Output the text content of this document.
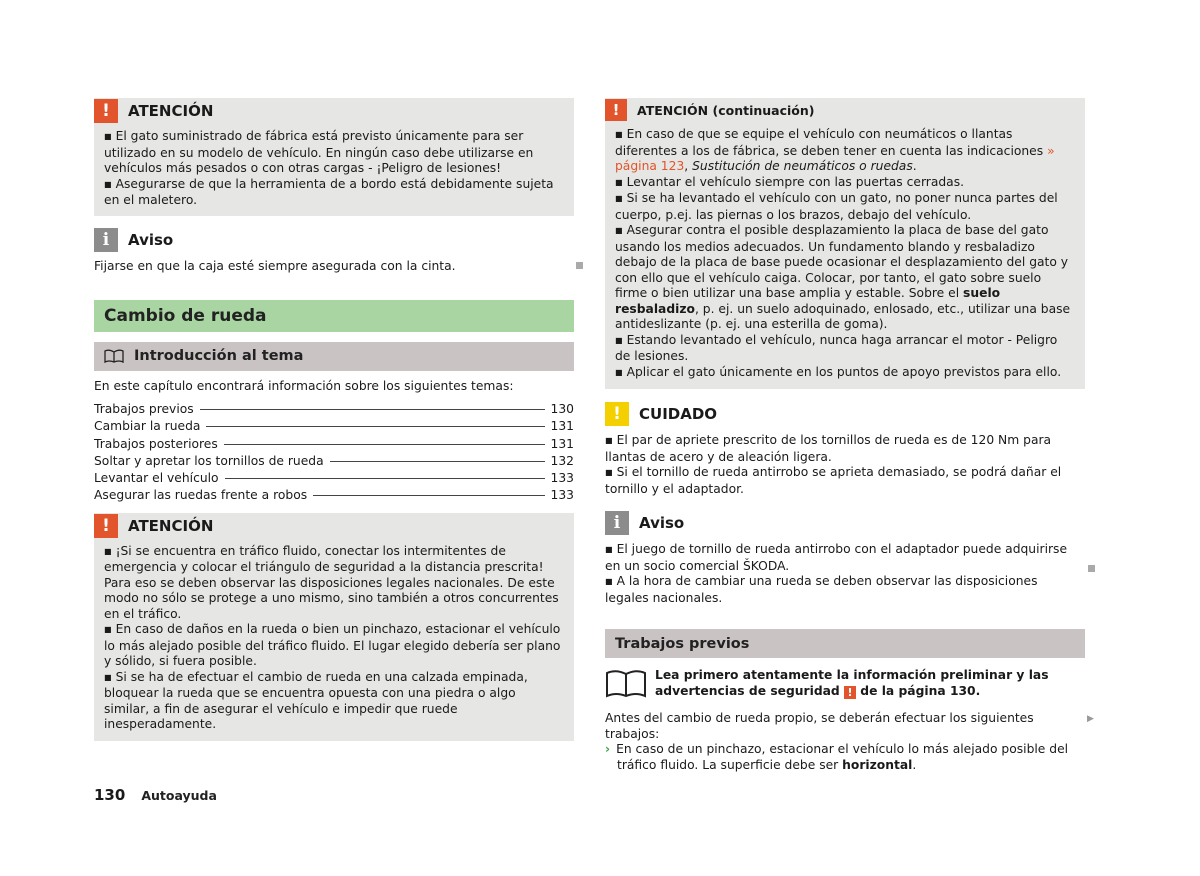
!	ATENCIÓN

■ El gato suministrado de fábrica está previsto únicamente para ser utilizado en su modelo de vehículo. En ningún caso debe utilizarse en vehículos más pesados o con otras cargas - ¡Peligro de lesiones!

■ Asegurarse de que la herramienta de a bordo está debidamente sujeta en el maletero.

i	Aviso
Fijarse en que la caja esté siempre asegurada con la cinta.
Cambio de rueda
Introducción al tema
En este capítulo encontrará información sobre los siguientes temas:
Trabajos previos	130
Cambiar la rueda	131
Trabajos posteriores	131
Soltar y apretar los tornillos de rueda	132
Levantar el vehículo	133
Asegurar las ruedas frente a robos	133
!	ATENCIÓN

■ ¡Si se encuentra en tráfico fluido, conectar los intermitentes de emergencia y colocar el triángulo de seguridad a la distancia prescrita! Para eso se deben observar las disposiciones legales nacionales. De este modo no sólo se protege a uno mismo, sino también a otros concurrentes en el tráfico.

■ En caso de daños en la rueda o bien un pinchazo, estacionar el vehículo lo más alejado posible del tráfico fluido. El lugar elegido debería ser plano y sólido, si fuera posible.

■ Si se ha de efectuar el cambio de rueda en una calzada empinada, bloquear la rueda que se encuentra opuesta con una piedra o algo similar, a fin de asegurar el vehículo e impedir que ruede inesperadamente.

!	ATENCIÓN (continuación)

■ En caso de que se equipe el vehículo con neumáticos o llantas diferentes a los de fábrica, se deben tener en cuenta las indicaciones » página 123, Sustitución de neumáticos o ruedas.

■ Levantar el vehículo siempre con las puertas cerradas.

■ Si se ha levantado el vehículo con un gato, no poner nunca partes del cuerpo, p.ej. las piernas o los brazos, debajo del vehículo.

■ Asegurar contra el posible desplazamiento la placa de base del gato usando los medios adecuados. Un fundamento blando y resbaladizo debajo de la placa de base puede ocasionar el desplazamiento del gato y con ello que el vehículo caiga. Colocar, por tanto, el gato sobre suelo firme o bien utilizar una base amplia y estable. Sobre el suelo resbaladizo, p. ej. un suelo adoquinado, enlosado, etc., utilizar una base antideslizante (p. ej. una esterilla de goma).

■ Estando levantado el vehículo, nunca haga arrancar el motor - Peligro de lesiones.

■ Aplicar el gato únicamente en los puntos de apoyo previstos para ello.

!	CUIDADO

■ El par de apriete prescrito de los tornillos de rueda es de 120 Nm para llantas de acero y de aleación ligera.

■ Si el tornillo de rueda antirrobo se aprieta demasiado, se podrá dañar el tornillo y el adaptador.

i	Aviso

■ El juego de tornillo de rueda antirrobo con el adaptador puede adquirirse en un socio comercial ŠKODA.

■ A la hora de cambiar una rueda se deben observar las disposiciones legales nacionales.

Trabajos previos
Lea primero atentamente la información preliminar y las advertencias de seguridad ! de la página 130.
Antes del cambio de rueda propio, se deberán efectuar los siguientes trabajos:
› En caso de un pinchazo, estacionar el vehículo lo más alejado posible del tráfico fluido. La superficie debe ser horizontal.
▶
130 Autoayuda
